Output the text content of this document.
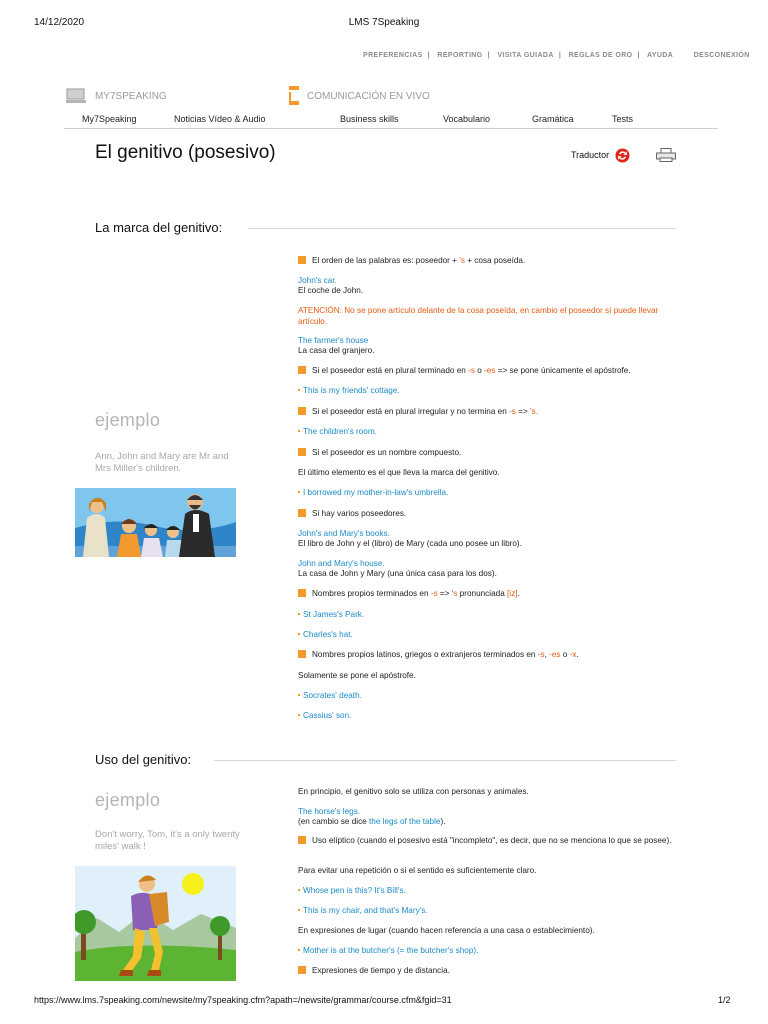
14/12/2020	LMS 7Speaking
PREFERENCIAS | REPORTING | VISITA GUIADA | REGLAS DE ORO | AYUDA	DESCONEXIÓN
MY7SPEAKING	COMUNICACIÓN EN VIVO
My7Speaking	Noticias Vídeo & Audio	Business skills	Vocabulario	Gramática	Tests
El genitivo (posesivo)	Traductor
La marca del genitivo:
ejemplo
Ann, John and Mary are Mr and Mrs Miller's children.
El orden de las palabras es: poseedor + 's + cosa poseída.
John's car.
El coche de John.
ATENCIÓN: No se pone artículo delante de la cosa poseída, en cambio el poseedor sí puede llevar artículo.
The farmer's house
La casa del granjero.
Si el poseedor está en plural terminado en -s o -es => se pone únicamente el apóstrofe.
This is my friends' cottage.
Si el poseedor está en plural irregular y no termina en -s => 's.
The children's room.
Si el poseedor es un nombre compuesto.
El último elemento es el que lleva la marca del genitivo.
I borrowed my mother-in-law's umbrella.
Si hay varios poseedores.
John's and Mary's books.
El libro de John y el (libro) de Mary (cada uno posee un libro).
John and Mary's house.
La casa de John y Mary (una única casa para los dos).
Nombres propios terminados en -s => 's pronunciada [iz].
St James's Park.
Charles's hat.
Nombres propios latinos, griegos o extranjeros terminados en -s, -es o -x.
Solamente se pone el apóstrofe.
Socrates' death.
Cassius' son.
Uso del genitivo:
ejemplo
Don't worry, Tom, it's a only twenty miles' walk !
En principio, el genitivo solo se utiliza con personas y animales.
The horse's legs.
(en cambio se dice the legs of the table).
Uso elíptico (cuando el posesivo está "incompleto", es decir, que no se menciona lo que se posee).
Para evitar una repetición o si el sentido es suficientemente claro.
Whose pen is this? It's Bill's.
This is my chair, and that's Mary's.
En expresiones de lugar (cuando hacen referencia a una casa o establecimiento).
Mother is at the butcher's (= the butcher's shop).
Expresiones de tiempo y de distancia.
https://www.lms.7speaking.com/newsite/my7speaking.cfm?apath=/newsite/grammar/course.cfm&fgid=31	1/2
